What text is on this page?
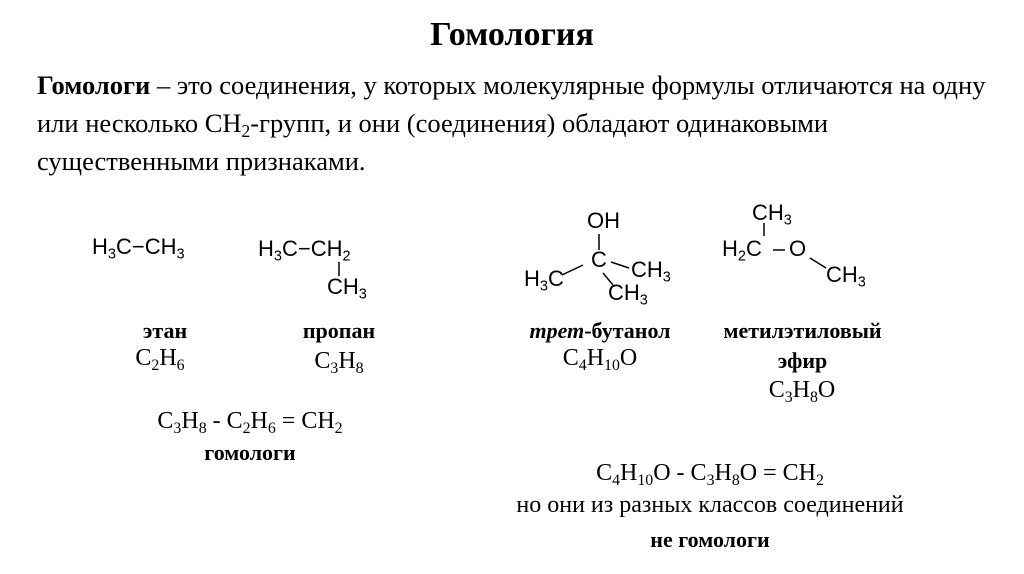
Гомология
Гомологи – это соединения, у которых молекулярные формулы отличаются на одну или несколько $CH_2$-групп, и они (соединения) обладают одинаковыми существенными признаками.
$H_3C-CH_3$	$H_3C-CH_2$
$CH_3$
OH
C
$H_3C$	$CH_3$
$CH_3$
$CH_3$
$H_2C$ O
$CH_3$
этан	пропан	трет-бутанол	метилэтиловый
эфир
$C_2H_6$	$C_3H_8$	$C_4H_{10}O$
$C_3H_8O$
$C_3H_8 - C_2H_6 = CH_2$
гомологи
$C_4H_{10}O - C_3H_8O = CH_2$
но они из разных классов соединений
не гомологи
